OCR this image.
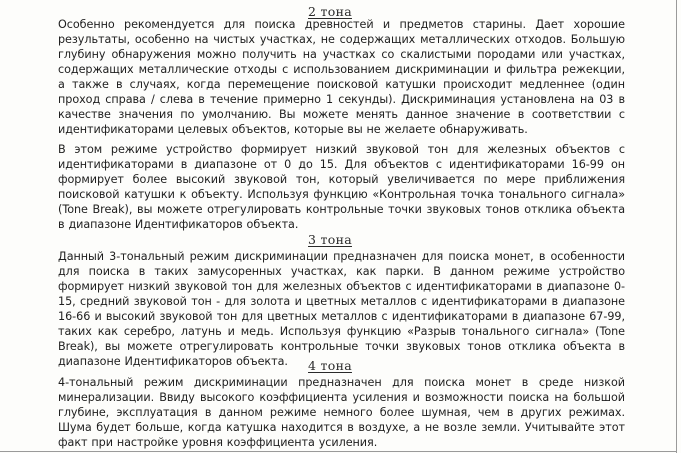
2 тона
Особенно рекомендуется для поиска древностей и предметов старины. Дает хорошие результаты, особенно на чистых участках, не содержащих металлических отходов. Большую глубину обнаружения можно получить на участках со скалистыми породами или участках, содержащих металлические отходы с использованием дискриминации и фильтра режекции, а также в случаях, когда перемещение поисковой катушки происходит медленнее (один проход справа / слева в течение примерно 1 секунды). Дискриминация установлена на 03 в качестве значения по умолчанию. Вы можете менять данное значение в соответствии с идентификаторами целевых объектов, которые вы не желаете обнаруживать.
В этом режиме устройство формирует низкий звуковой тон для железных объектов с идентификаторами в диапазоне от 0 до 15. Для объектов с идентификаторами 16-99 он формирует более высокий звуковой тон, который увеличивается по мере приближения поисковой катушки к объекту. Используя функцию «Контрольная точка тонального сигнала» (Tone Break), вы можете отрегулировать контрольные точки звуковых тонов отклика объекта в диапазоне Идентификаторов объекта.
3 тона
Данный 3-тональный режим дискриминации предназначен для поиска монет, в особенности для поиска в таких замусоренных участках, как парки. В данном режиме устройство формирует низкий звуковой тон для железных объектов с идентификаторами в диапазоне 0-15, средний звуковой тон - для золота и цветных металлов с идентификаторами в диапазоне 16-66 и высокий звуковой тон для цветных металлов с идентификаторами в диапазоне 67-99, таких как серебро, латунь и медь. Используя функцию «Разрыв тонального сигнала» (Tone Break), вы можете отрегулировать контрольные точки звуковых тонов отклика объекта в диапазоне Идентификаторов объекта.	4 тона
4-тональный режим дискриминации предназначен для поиска монет в среде низкой минерализации. Ввиду высокого коэффициента усиления и возможности поиска на большой глубине, эксплуатация в данном режиме немного более шумная, чем в других режимах. Шума будет больше, когда катушка находится в воздухе, а не возле земли. Учитывайте этот факт при настройке уровня коэффициента усиления.
